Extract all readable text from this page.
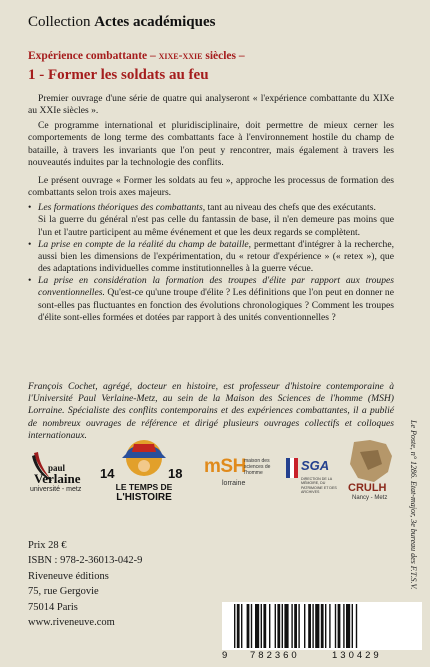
Collection Actes académiques
Expérience combattante – xixe-xxie siècles –
1 - Former les soldats au feu

Premier ouvrage d'une série de quatre qui analyseront « l'expérience combattante du XIXe au XXIe siècles ».

Ce programme international et pluridisciplinaire, doit permettre de mieux cerner les comportements de long terme des combattants face à l'environnement hostile du champ de bataille, à travers les invariants que l'on peut y rencontrer, mais également à travers les nouveautés induites par la technologie des conflits.

Le présent ouvrage « Former les soldats au feu », approche les processus de formation des combattants selon trois axes majeurs.

• Les formations théoriques des combattants, tant au niveau des chefs que des exécutants.

Si la guerre du général n'est pas celle du fantassin de base, il n'en demeure pas moins que l'un et l'autre participent au même événement et que les deux regards se complètent.

• La prise en compte de la réalité du champ de bataille, permettant d'intégrer à la recherche, aussi bien les dimensions de l'expérimentation, du « retour d'expérience » (« retex »), que des adaptations individuelles comme institutionnelles à la guerre vécue.
• La prise en considération la formation des troupes d'élite par rapport aux troupes conventionnelles. Qu'est-ce qu'une troupe d'élite ? Les définitions que l'on peut en donner ne sont-elles pas fluctuantes en fonction des évolutions chronologiques ? Comment les troupes d'élite sont-elles formées et dotées par rapport à des unités conventionnelles ?
François Cochet, agrégé, docteur en histoire, est professeur d'histoire contemporaine à l'Université Paul Verlaine-Metz, au sein de la Maison des Sciences de l'homme (MSH) Lorraine. Spécialiste des conflits contemporains et des expériences combattantes, il a publié de nombreux ouvrages de référence et dirigé plusieurs ouvrages collectifs et colloques internationaux.
paul
Verlaine
université - metz
14	18
LE TEMPS DE
L'HISTOIRE
mSH
maison des sciences de l'homme
lorraine
SGA
DIRECTION DE LA MÉMOIRE, DU PATRIMOINE ET DES ARCHIVES	CRULH
Nancy - Metz
Prix 28 €
ISBN : 978-2-36013-042-9
Riveneuve éditions
75, rue Gergovie
75014 Paris
www.riveneuve.com
9 782360	130429
Le Poste, n° 1286. Etat-major, 3e bureau des F.T.S.V.
